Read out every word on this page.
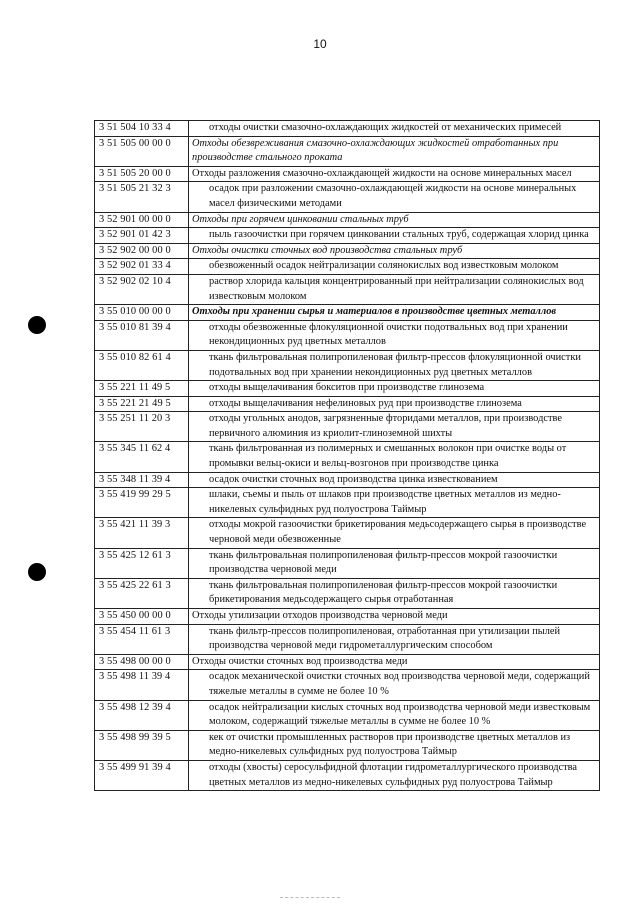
10
3 51 504 10 33 4	отходы очистки смазочно-охлаждающих жидкостей от механических примесей
3 51 505 00 00 0	Отходы обезвреживания смазочно-охлаждающих жидкостей отработанных при производстве стального проката
3 51 505 20 00 0	Отходы разложения смазочно-охлаждающей жидкости на основе минеральных масел
3 51 505 21 32 3	осадок при разложении смазочно-охлаждающей жидкости на основе минеральных масел физическими методами
3 52 901 00 00 0	Отходы при горячем цинковании стальных труб
3 52 901 01 42 3	пыль газоочистки при горячем цинковании стальных труб, содержащая хлорид цинка
3 52 902 00 00 0	Отходы очистки сточных вод производства стальных труб
3 52 902 01 33 4	обезвоженный осадок нейтрализации солянокислых вод известковым молоком
3 52 902 02 10 4	раствор хлорида кальция концентрированный при нейтрализации солянокислых вод известковым молоком
3 55 010 00 00 0	Отходы при хранении сырья и материалов в производстве цветных металлов
3 55 010 81 39 4	отходы обезвоженные флокуляционной очистки подотвальных вод при хранении некондиционных руд цветных металлов
3 55 010 82 61 4	ткань фильтровальная полипропиленовая фильтр-прессов флокуляционной очистки подотвальных вод при хранении некондиционных руд цветных металлов
3 55 221 11 49 5	отходы выщелачивания бокситов при производстве глинозема
3 55 221 21 49 5	отходы выщелачивания нефелиновых руд при производстве глинозема
3 55 251 11 20 3	отходы угольных анодов, загрязненные фторидами металлов, при производстве первичного алюминия из криолит-глиноземной шихты
3 55 345 11 62 4	ткань фильтрованная из полимерных и смешанных волокон при очистке воды от промывки вельц-окиси и вельц-возгонов при производстве цинка
3 55 348 11 39 4	осадок очистки сточных вод производства цинка известкованием
3 55 419 99 29 5	шлаки, съемы и пыль от шлаков при производстве цветных металлов из медно-никелевых сульфидных руд полуострова Таймыр
3 55 421 11 39 3	отходы мокрой газоочистки брикетирования медьсодержащего сырья в производстве черновой меди обезвоженные
3 55 425 12 61 3	ткань фильтровальная полипропиленовая фильтр-прессов мокрой газоочистки производства черновой меди
3 55 425 22 61 3	ткань фильтровальная полипропиленовая фильтр-прессов мокрой газоочистки брикетирования медьсодержащего сырья отработанная
3 55 450 00 00 0	Отходы утилизации отходов производства черновой меди
3 55 454 11 61 3	ткань фильтр-прессов полипропиленовая, отработанная при утилизации пылей производства черновой меди гидрометаллургическим способом
3 55 498 00 00 0	Отходы очистки сточных вод производства меди
3 55 498 11 39 4	осадок механической очистки сточных вод производства черновой меди, содержащий тяжелые металлы в сумме не более 10 %
3 55 498 12 39 4	осадок нейтрализации кислых сточных вод производства черновой меди известковым молоком, содержащий тяжелые металлы в сумме не более 10 %
3 55 498 99 39 5	кек от очистки промышленных растворов при производстве цветных металлов из медно-никелевых сульфидных руд полуострова Таймыр
3 55 499 91 39 4	отходы (хвосты) серосульфидной флотации гидрометаллургического производства цветных металлов из медно-никелевых сульфидных руд полуострова Таймыр
